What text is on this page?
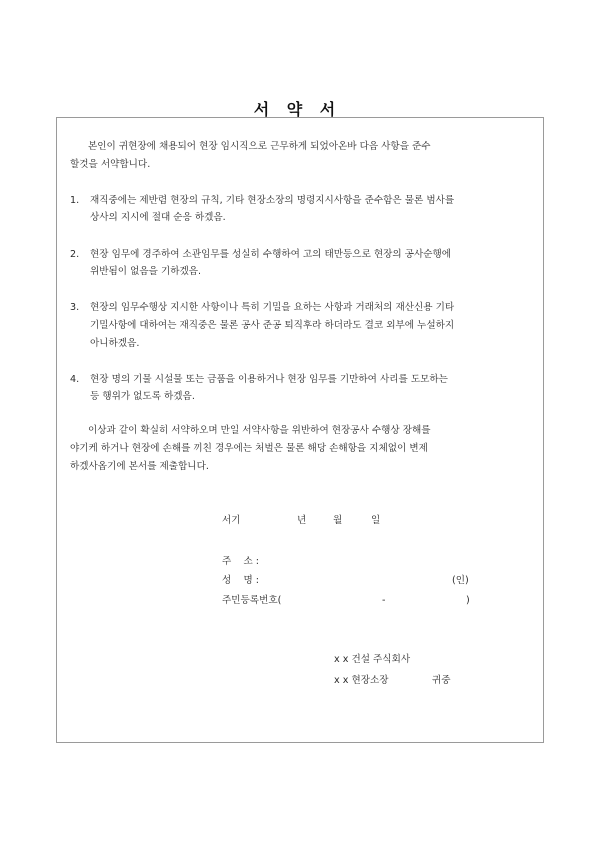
서 약 서
본인이 귀현장에 채용되어 현장 임시직으로 근무하게 되었아온바 다음 사항을 준수
할것을 서약합니다.
1. 재직중에는 제반렴 현장의 규칙, 기타 현장소장의 명령지시사항을 준수함은 물론 범사를
상사의 지시에 절대 순응 하겠음.
2. 현장 임무에 경주하여 소관임무를 성실히 수행하여 고의 태만등으로 현장의 공사순행에
위반됨이 없음을 기하겠음.
3. 현장의 임무수행상 지시한 사항이나 특히 기밀을 요하는 사항과 거래처의 재산신용 기타
기밀사항에 대하여는 재직중은 물론 공사 준공 퇴직후라 하더라도 결코 외부에 누설하지
아니하겠음.
4. 현장 명의 기물 시설물 또는 금품을 이용하거나 현장 임무를 기만하여 사리를 도모하는
등 행위가 없도록 하겠음.
이상과 같이 확실히 서약하오며 만일 서약사항을 위반하여 현장공사 수행상 장해를
야기케 하거나 현장에 손해를 끼친 경우에는 처벌은 물론 해당 손해항을 지체없이 변제
하겠사옵기에 본서를 제출합니다.
서기	년	월	일
주    소 :
성    명 :	(인)
주민등록번호(	-	)
x x 건설 주식회사
x x 현장소장	귀중
